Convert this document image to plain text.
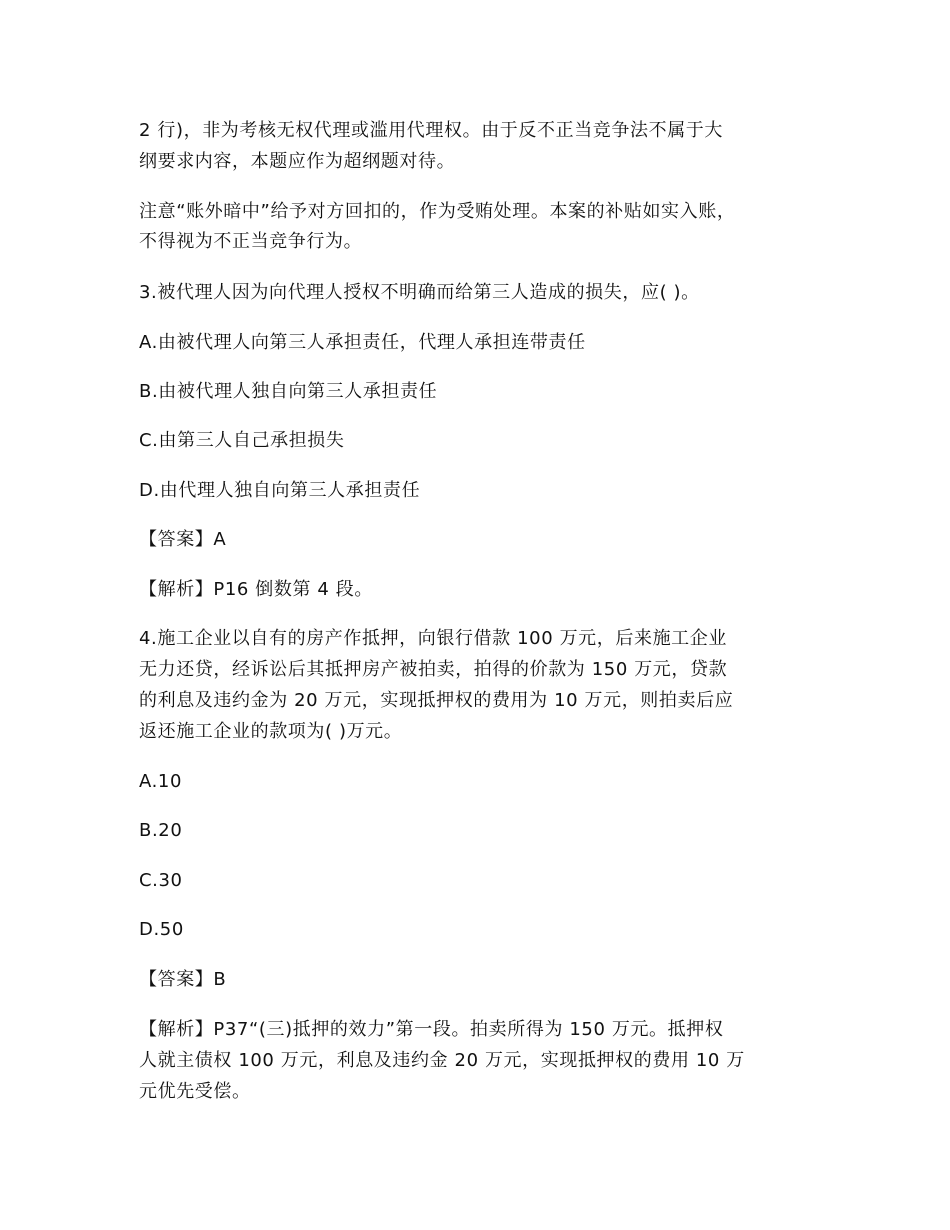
2 行)，非为考核无权代理或滥用代理权。由于反不正当竞争法不属于大
纲要求内容，本题应作为超纲题对待。
注意“账外暗中”给予对方回扣的，作为受贿处理。本案的补贴如实入账，
不得视为不正当竞争行为。
3.被代理人因为向代理人授权不明确而给第三人造成的损失，应( )。
A.由被代理人向第三人承担责任，代理人承担连带责任
B.由被代理人独自向第三人承担责任
C.由第三人自己承担损失
D.由代理人独自向第三人承担责任
【答案】A
【解析】P16 倒数第 4 段。
4.施工企业以自有的房产作抵押，向银行借款 100 万元，后来施工企业
无力还贷，经诉讼后其抵押房产被拍卖，拍得的价款为 150 万元，贷款
的利息及违约金为 20 万元，实现抵押权的费用为 10 万元，则拍卖后应
返还施工企业的款项为( )万元。
A.10
B.20
C.30
D.50
【答案】B
【解析】P37“(三)抵押的效力”第一段。拍卖所得为 150 万元。抵押权
人就主债权 100 万元，利息及违约金 20 万元，实现抵押权的费用 10 万
元优先受偿。
